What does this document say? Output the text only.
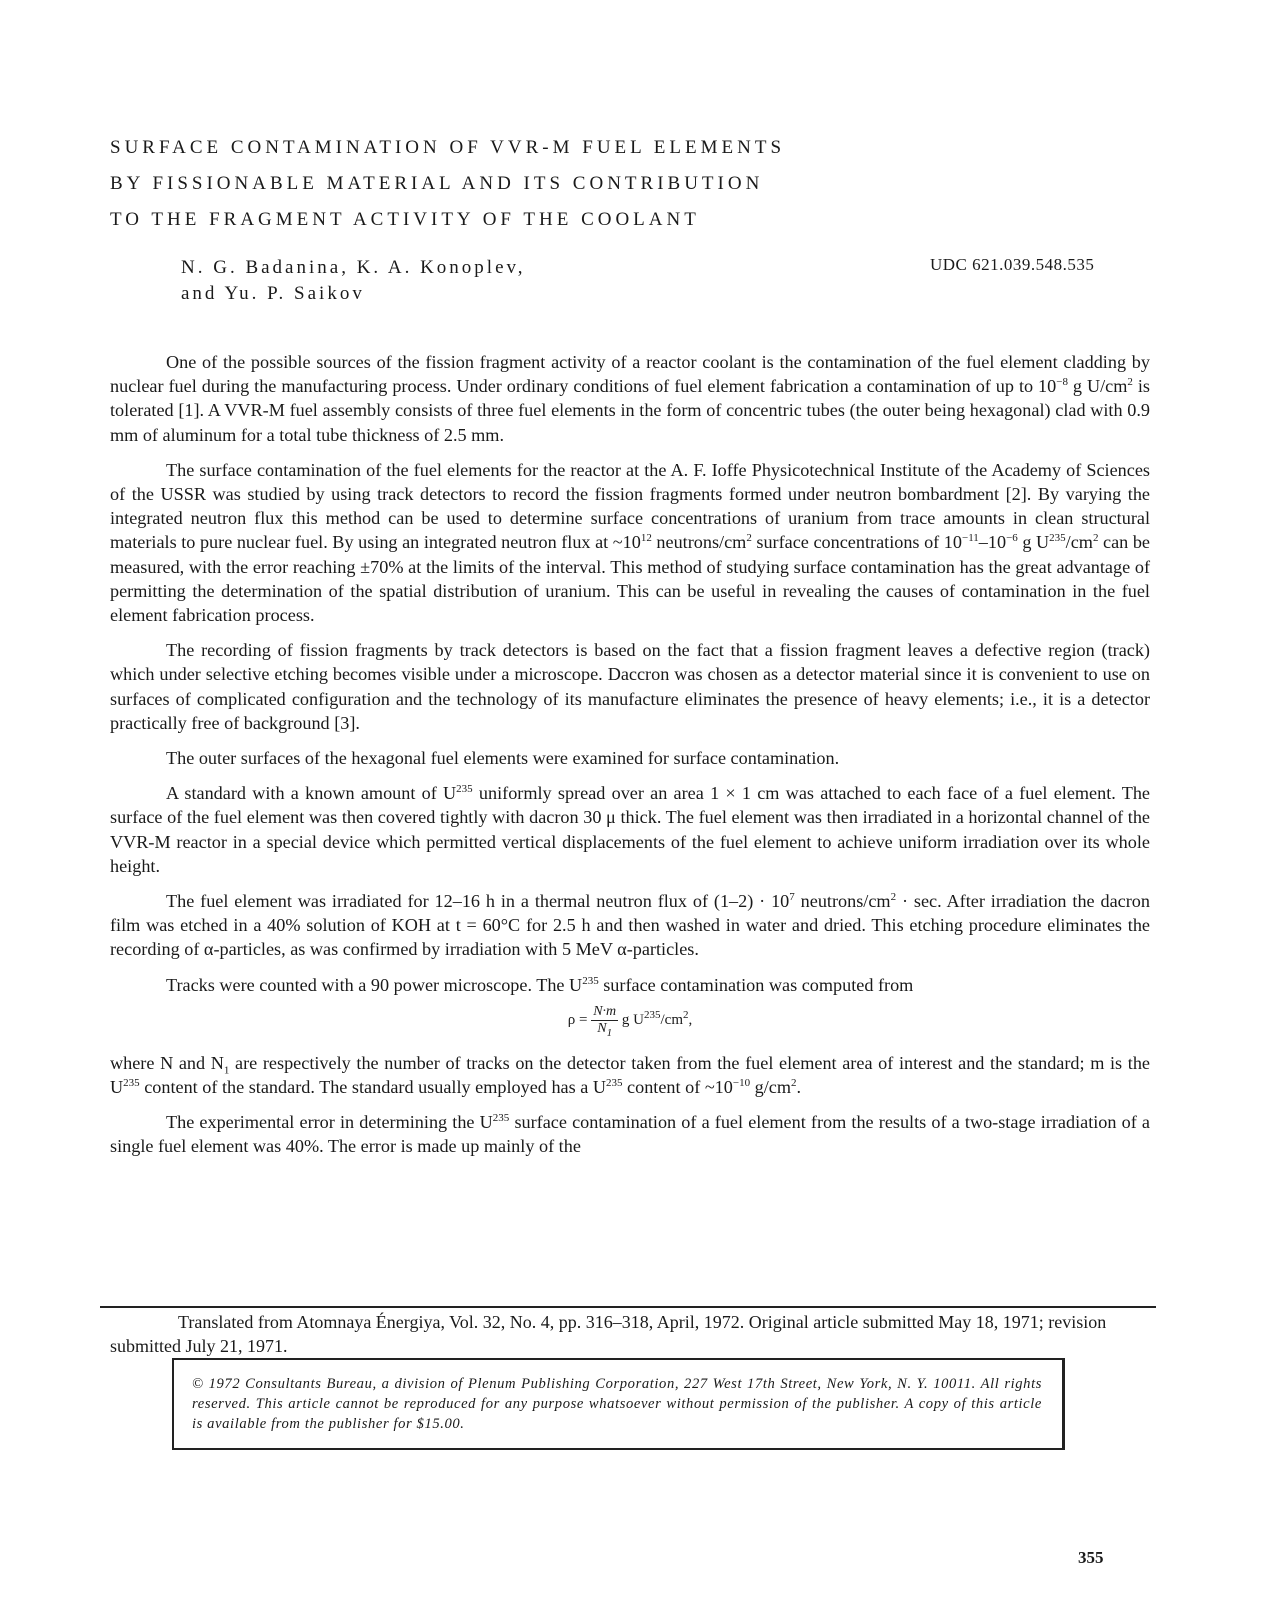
SURFACE CONTAMINATION OF VVR-M FUEL ELEMENTS
BY FISSIONABLE MATERIAL AND ITS CONTRIBUTION
TO THE FRAGMENT ACTIVITY OF THE COOLANT
N. G. Badanina, K. A. Konoplev,
and Yu. P. Saikov
UDC 621.039.548.535

One of the possible sources of the fission fragment activity of a reactor coolant is the contamination of the fuel element cladding by nuclear fuel during the manufacturing process. Under ordinary conditions of fuel element fabrication a contamination of up to $10^{-8}$ g $U/cm^2$ is tolerated [1]. A VVR-M fuel assembly consists of three fuel elements in the form of concentric tubes (the outer being hexagonal) clad with 0.9 mm of aluminum for a total tube thickness of 2.5 mm.

The surface contamination of the fuel elements for the reactor at the A. F. Ioffe Physicotechnical Institute of the Academy of Sciences of the USSR was studied by using track detectors to record the fission fragments formed under neutron bombardment [2]. By varying the integrated neutron flux this method can be used to determine surface concentrations of uranium from trace amounts in clean structural materials to pure nuclear fuel. By using an integrated neutron flux at $\sim 10^{12}$ neutrons/$cm^2$ surface concentrations of $10^{-11}-10^{-6}$ g $U^{235}/cm^2$ can be measured, with the error reaching ±70% at the limits of the interval. This method of studying surface contamination has the great advantage of permitting the determination of the spatial distribution of uranium. This can be useful in revealing the causes of contamination in the fuel element fabrication process.

The recording of fission fragments by track detectors is based on the fact that a fission fragment leaves a defective region (track) which under selective etching becomes visible under a microscope. Daccron was chosen as a detector material since it is convenient to use on surfaces of complicated configuration and the technology of its manufacture eliminates the presence of heavy elements; i.e., it is a detector practically free of background [3].

The outer surfaces of the hexagonal fuel elements were examined for surface contamination.

A standard with a known amount of $U^{235}$ uniformly spread over an area 1 × 1 cm was attached to each face of a fuel element. The surface of the fuel element was then covered tightly with dacron 30 μ thick. The fuel element was then irradiated in a horizontal channel of the VVR-M reactor in a special device which permitted vertical displacements of the fuel element to achieve uniform irradiation over its whole height.

The fuel element was irradiated for 12–16 h in a thermal neutron flux of $(1-2) \cdot 10^7$ neutrons/$cm^2 \cdot \sec$. After irradiation the dacron film was etched in a 40% solution of KOH at t = 60°C for 2.5 h and then washed in water and dried. This etching procedure eliminates the recording of α-particles, as was confirmed by irradiation with 5 MeV α-particles.

Tracks were counted with a 90 power microscope. The $U^{235}$ surface contamination was computed from

$\rho = \frac{N\cdot m}{N_1}$ g $U^{235}/cm^2$,

where N and $N_1$ are respectively the number of tracks on the detector taken from the fuel element area of interest and the standard; m is the $U^{235}$ content of the standard. The standard usually employed has a $U^{235}$ content of $\sim 10^{-10}$ $g/cm^2$.

The experimental error in determining the $U^{235}$ surface contamination of a fuel element from the results of a two-stage irradiation of a single fuel element was 40%. The error is made up mainly of the

Translated from Atomnaya Énergiya, Vol. 32, No. 4, pp. 316–318, April, 1972. Original article submitted May 18, 1971; revision submitted July 21, 1971.
© 1972 Consultants Bureau, a division of Plenum Publishing Corporation, 227 West 17th Street, New York, N. Y. 10011. All rights reserved. This article cannot be reproduced for any purpose whatsoever without permission of the publisher. A copy of this article is available from the publisher for $15.00.
355
